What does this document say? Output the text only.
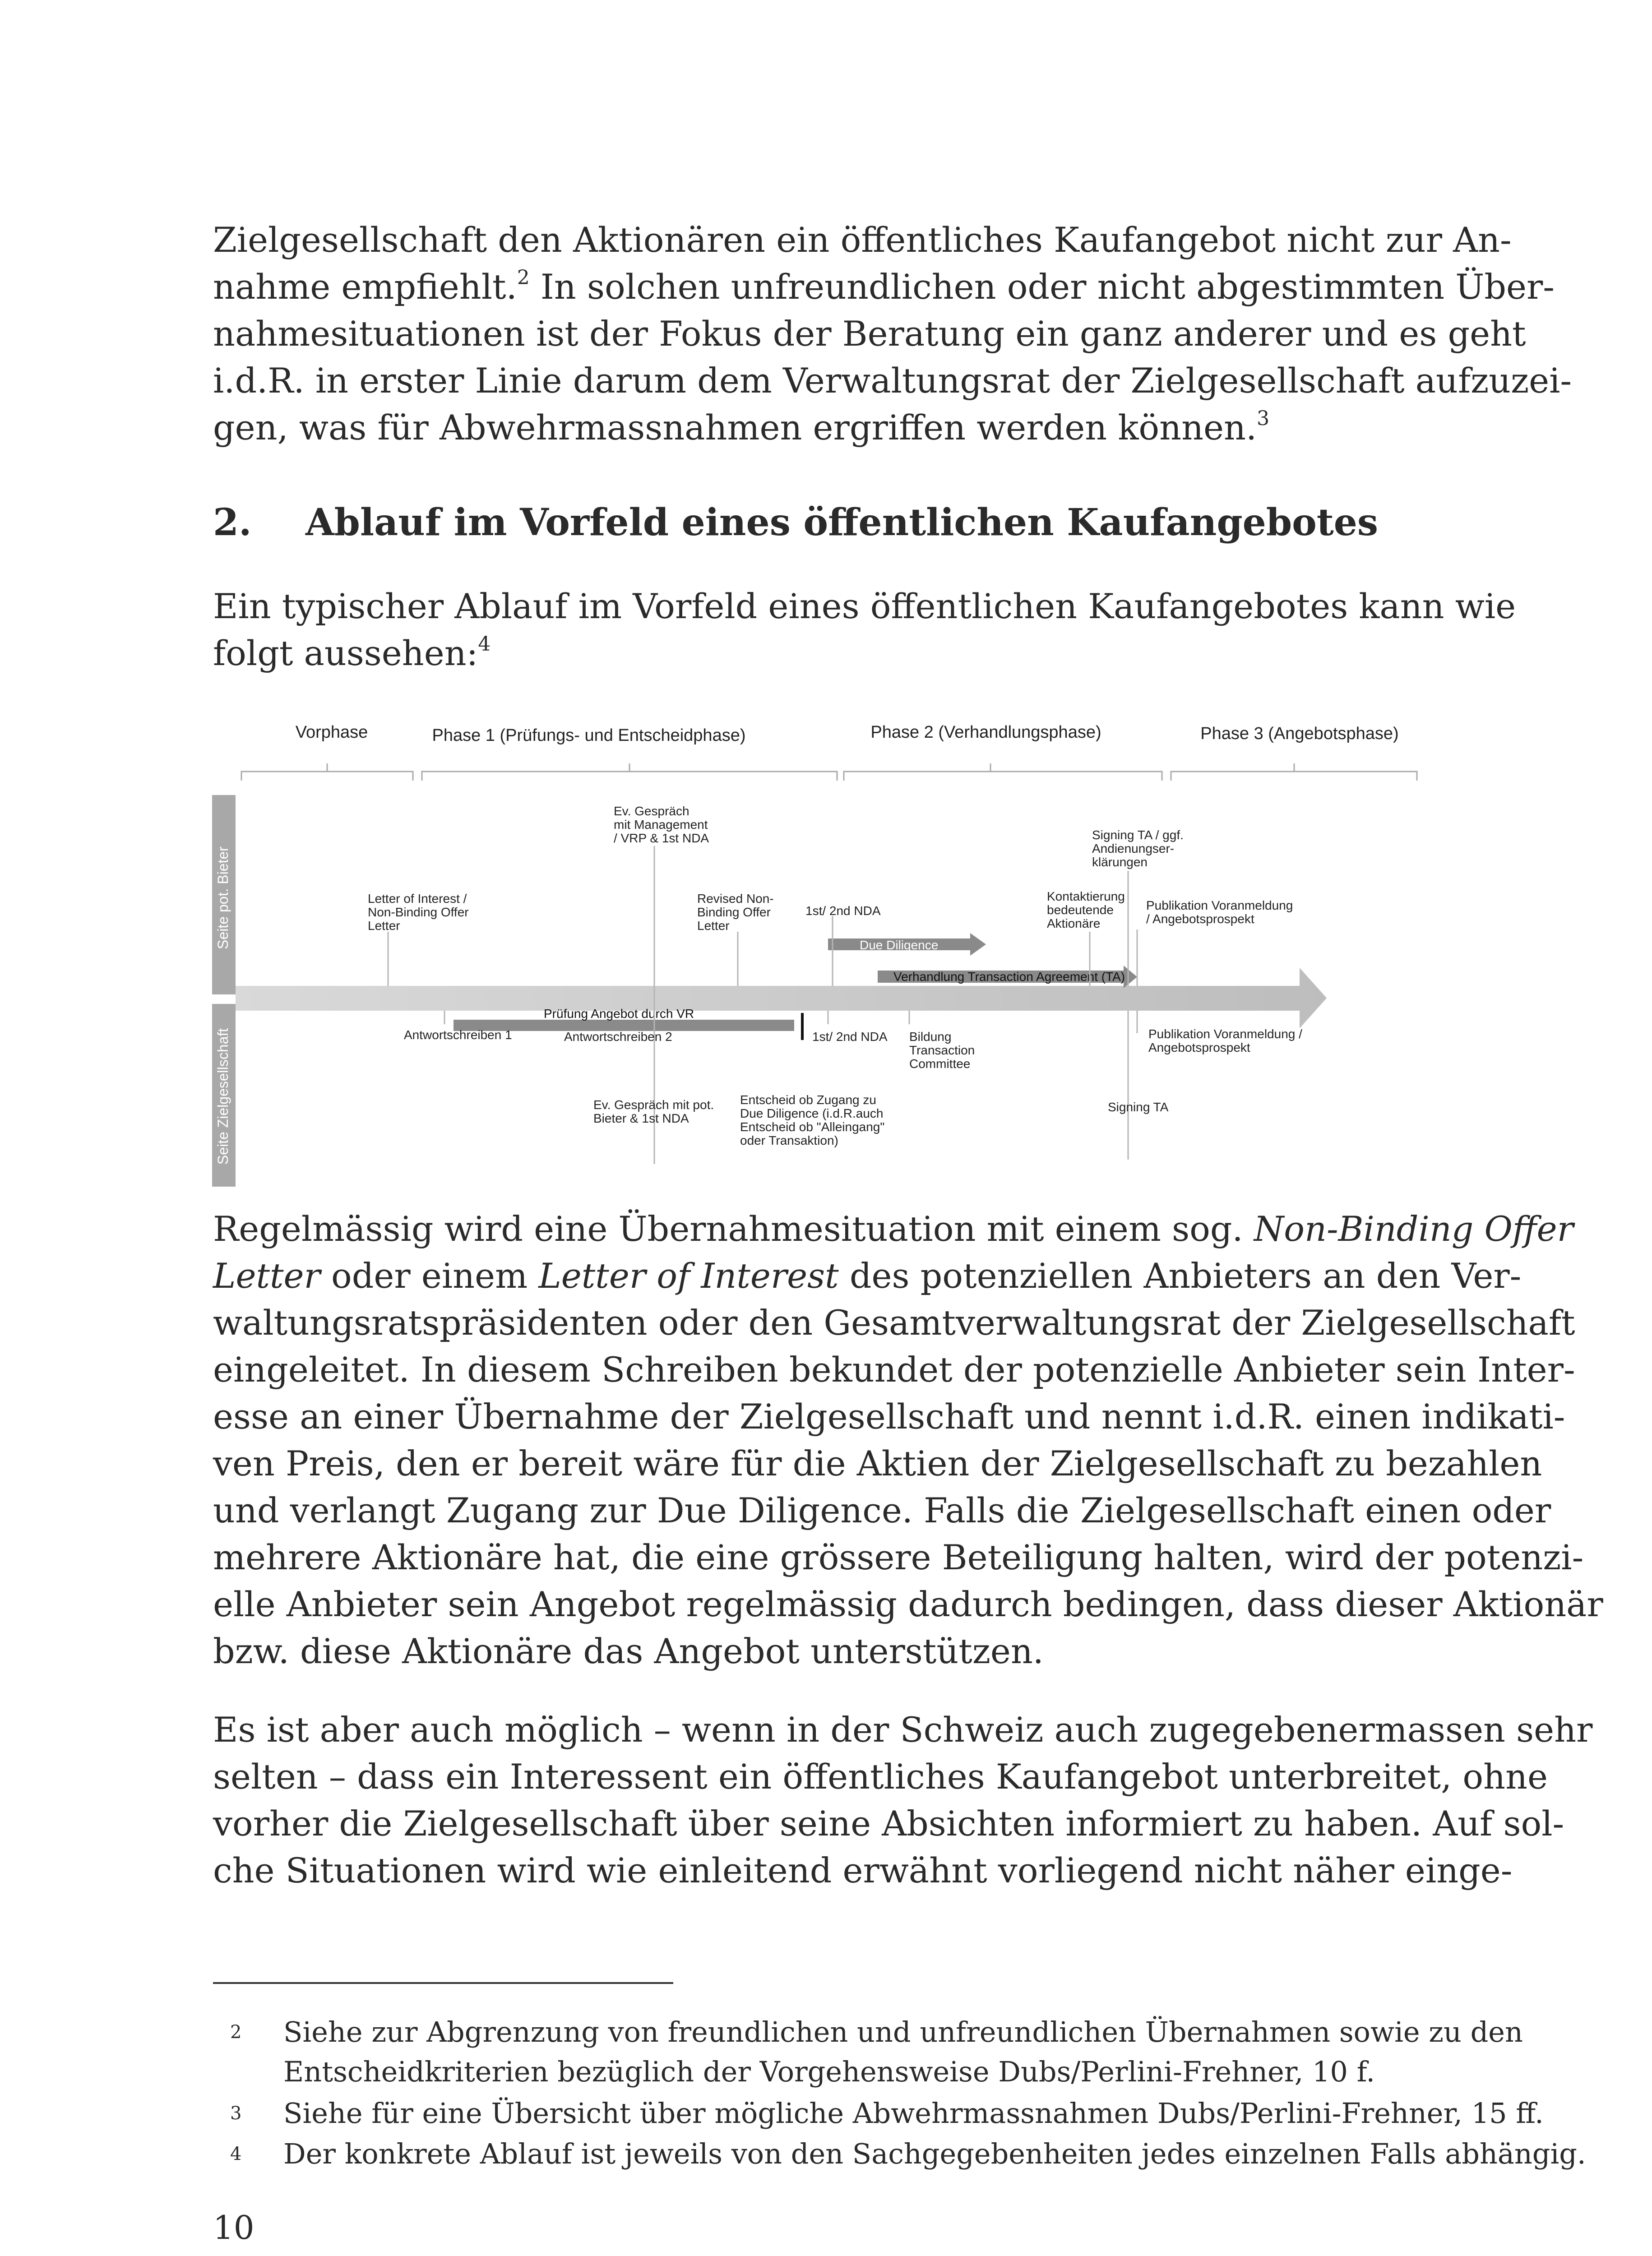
Zielgesellschaft den Aktionären ein öffentliches Kaufangebot nicht zur An-
nahme empfiehlt.$^2$ In solchen unfreundlichen oder nicht abgestimmten Über-
nahmesituationen ist der Fokus der Beratung ein ganz anderer und es geht
i.d.R. in erster Linie darum dem Verwaltungsrat der Zielgesellschaft aufzuzei-
gen, was für Abwehrmassnahmen ergriffen werden können.$^3$
2. Ablauf im Vorfeld eines öffentlichen Kaufangebotes
Ein typischer Ablauf im Vorfeld eines öffentlichen Kaufangebotes kann wie
folgt aussehen:$^4$
Vorphase	Phase 1 (Prüfungs- und Entscheidphase)	Phase 2 (Verhandlungsphase)	Phase 3 (Angebotsphase)
Seite pot. Bieter
Seite Zielgesellschaft
Due Diligence
Verhandlung Transaction Agreement (TA)
Prüfung Angebot durch VR
Letter of Interest /
Non-Binding Offer
Letter
Ev. Gespräch
mit Management
/ VRP & 1st NDA
Revised Non-
Binding Offer
Letter
1st/ 2nd NDA
Kontaktierung
bedeutende
Aktionäre
Signing TA / ggf.
Andienungser-
klärungen
Publikation Voranmeldung
/ Angebotsprospekt
Antwortschreiben 1	Antwortschreiben 2	1st/ 2nd NDA Bildung
Transaction
Committee
Publikation Voranmeldung /
Angebotsprospekt
Ev. Gespräch mit pot.
Bieter & 1st NDA
Entscheid ob Zugang zu
Due Diligence (i.d.R.auch
Entscheid ob "Alleingang"
oder Transaktion)
Signing TA
Regelmässig wird eine Übernahmesituation mit einem sog. Non-Binding Offer
Letter oder einem Letter of Interest des potenziellen Anbieters an den Ver-
waltungsratspräsidenten oder den Gesamtverwaltungsrat der Zielgesellschaft
eingeleitet. In diesem Schreiben bekundet der potenzielle Anbieter sein Inter-
esse an einer Übernahme der Zielgesellschaft und nennt i.d.R. einen indikati-
ven Preis, den er bereit wäre für die Aktien der Zielgesellschaft zu bezahlen
und verlangt Zugang zur Due Diligence. Falls die Zielgesellschaft einen oder
mehrere Aktionäre hat, die eine grössere Beteiligung halten, wird der potenzi-
elle Anbieter sein Angebot regelmässig dadurch bedingen, dass dieser Aktionär
bzw. diese Aktionäre das Angebot unterstützen.
Es ist aber auch möglich – wenn in der Schweiz auch zugegebenermassen sehr
selten – dass ein Interessent ein öffentliches Kaufangebot unterbreitet, ohne
vorher die Zielgesellschaft über seine Absichten informiert zu haben. Auf sol-
che Situationen wird wie einleitend erwähnt vorliegend nicht näher einge-
2 Siehe zur Abgrenzung von freundlichen und unfreundlichen Übernahmen sowie zu den
Entscheidkriterien bezüglich der Vorgehensweise Dubs/Perlini-Frehner, 10 f.
3 Siehe für eine Übersicht über mögliche Abwehrmassnahmen Dubs/Perlini-Frehner, 15 ff.
4 Der konkrete Ablauf ist jeweils von den Sachgegebenheiten jedes einzelnen Falls abhängig.
10
